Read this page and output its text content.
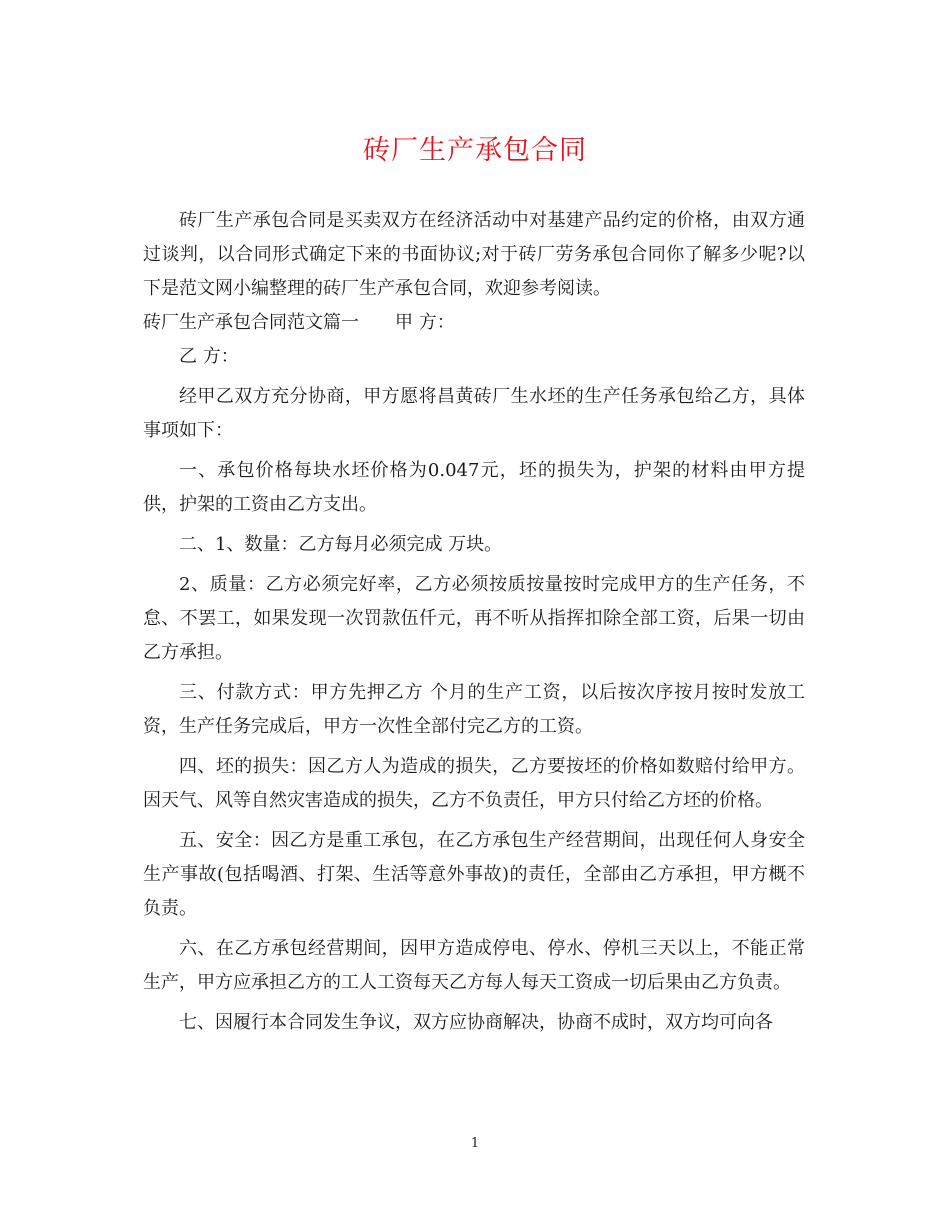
砖厂生产承包合同

砖厂生产承包合同是买卖双方在经济活动中对基建产品约定的价格，由双方通过谈判，以合同形式确定下来的书面协议;对于砖厂劳务承包合同你了解多少呢?以下是范文网小编整理的砖厂生产承包合同，欢迎参考阅读。

砖厂生产承包合同范文篇一　　甲 方：

乙 方：

经甲乙双方充分协商，甲方愿将昌黄砖厂生水坯的生产任务承包给乙方，具体事项如下：

一、承包价格每块水坯价格为0.047元，坯的损失为，护架的材料由甲方提供，护架的工资由乙方支出。

二、1、数量：乙方每月必须完成 万块。

2、质量：乙方必须完好率，乙方必须按质按量按时完成甲方的生产任务，不怠、不罢工，如果发现一次罚款伍仟元，再不听从指挥扣除全部工资，后果一切由乙方承担。

三、付款方式：甲方先押乙方 个月的生产工资，以后按次序按月按时发放工资，生产任务完成后，甲方一次性全部付完乙方的工资。

四、坯的损失：因乙方人为造成的损失，乙方要按坯的价格如数赔付给甲方。因天气、风等自然灾害造成的损失，乙方不负责任，甲方只付给乙方坯的价格。

五、安全：因乙方是重工承包，在乙方承包生产经营期间，出现任何人身安全生产事故(包括喝酒、打架、生活等意外事故)的责任，全部由乙方承担，甲方概不负责。

六、在乙方承包经营期间，因甲方造成停电、停水、停机三天以上，不能正常生产，甲方应承担乙方的工人工资每天乙方每人每天工资成一切后果由乙方负责。

七、因履行本合同发生争议，双方应协商解决，协商不成时，双方均可向各

1
